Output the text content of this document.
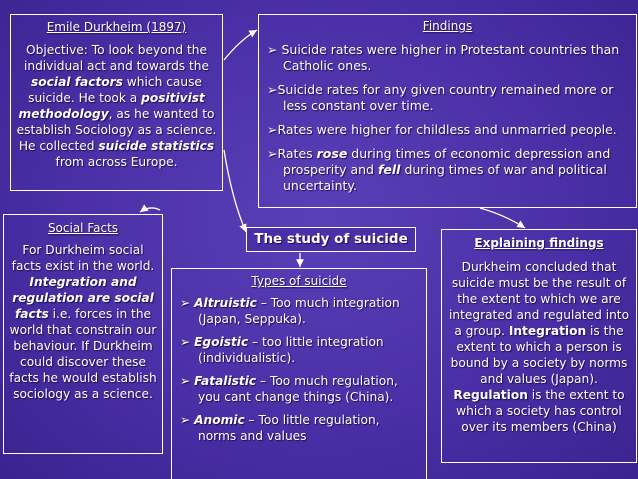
Emile Durkheim (1897)
Objective: To look beyond the individual act and towards the social factors which cause suicide. He took a positivist methodology, as he wanted to establish Sociology as a science. He collected suicide statistics from across Europe.
Findings
➢ Suicide rates were higher in Protestant countries than Catholic ones.
➢Suicide rates for any given country remained more or less constant over time.
➢Rates were higher for childless and unmarried people.
➢Rates rose during times of economic depression and prosperity and fell during times of war and political uncertainty.
Social Facts
For Durkheim social facts exist in the world. Integration and regulation are social facts i.e. forces in the world that constrain our behaviour. If Durkheim could discover these facts he would establish sociology as a science.
The study of suicide
Types of suicide
➢ Altruistic – Too much integration (Japan, Seppuka).
➢ Egoistic – too little integration (individualistic).
➢ Fatalistic – Too much regulation, you cant change things (China).
➢ Anomic – Too little regulation, norms and values
Explaining findings
Durkheim concluded that suicide must be the result of the extent to which we are integrated and regulated into a group. Integration is the extent to which a person is bound by a society by norms and values (Japan). Regulation is the extent to which a society has control over its members (China)
